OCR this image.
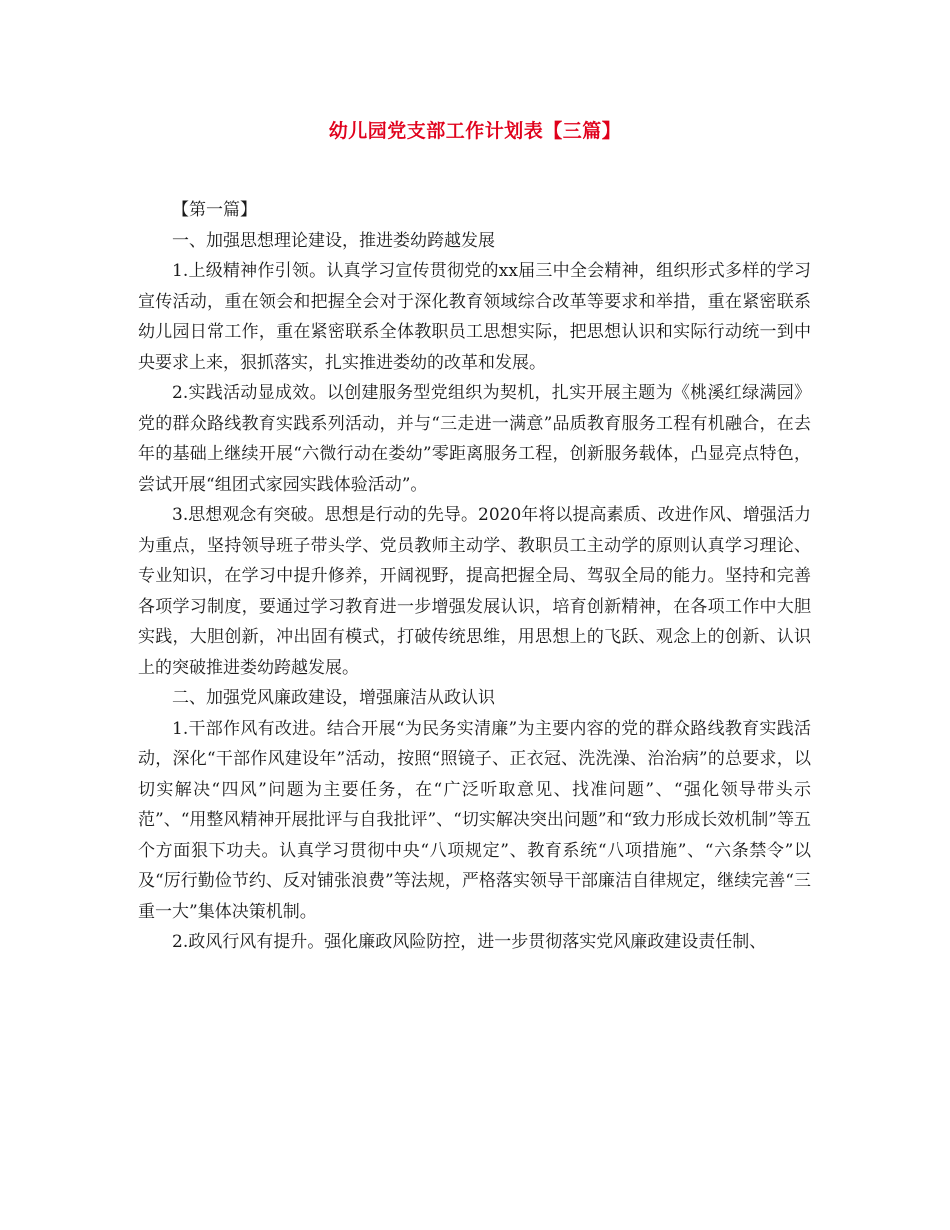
幼儿园党支部工作计划表【三篇】

【第一篇】

一、加强思想理论建设，推进娄幼跨越发展

1.上级精神作引领。认真学习宣传贯彻党的xx届三中全会精神，组织形式多样的学习宣传活动，重在领会和把握全会对于深化教育领域综合改革等要求和举措，重在紧密联系幼儿园日常工作，重在紧密联系全体教职员工思想实际，把思想认识和实际行动统一到中央要求上来，狠抓落实，扎实推进娄幼的改革和发展。

2.实践活动显成效。以创建服务型党组织为契机，扎实开展主题为《桃溪红绿满园》党的群众路线教育实践系列活动，并与“三走进一满意”品质教育服务工程有机融合，在去年的基础上继续开展“六微行动在娄幼”零距离服务工程，创新服务载体，凸显亮点特色，尝试开展“组团式家园实践体验活动”。

3.思想观念有突破。思想是行动的先导。2020年将以提高素质、改进作风、增强活力为重点，坚持领导班子带头学、党员教师主动学、教职员工主动学的原则认真学习理论、专业知识，在学习中提升修养，开阔视野，提高把握全局、驾驭全局的能力。坚持和完善各项学习制度，要通过学习教育进一步增强发展认识，培育创新精神，在各项工作中大胆实践，大胆创新，冲出固有模式，打破传统思维，用思想上的飞跃、观念上的创新、认识上的突破推进娄幼跨越发展。

二、加强党风廉政建设，增强廉洁从政认识

1.干部作风有改进。结合开展“为民务实清廉”为主要内容的党的群众路线教育实践活动，深化“干部作风建设年”活动，按照“照镜子、正衣冠、洗洗澡、治治病”的总要求，以切实解决“四风”问题为主要任务，在“广泛听取意见、找准问题”、“强化领导带头示范”、“用整风精神开展批评与自我批评”、“切实解决突出问题”和“致力形成长效机制”等五个方面狠下功夫。认真学习贯彻中央“八项规定”、教育系统“八项措施”、“六条禁令”以及“厉行勤俭节约、反对铺张浪费”等法规，严格落实领导干部廉洁自律规定，继续完善“三重一大”集体决策机制。

2.政风行风有提升。强化廉政风险防控，进一步贯彻落实党风廉政建设责任制、
